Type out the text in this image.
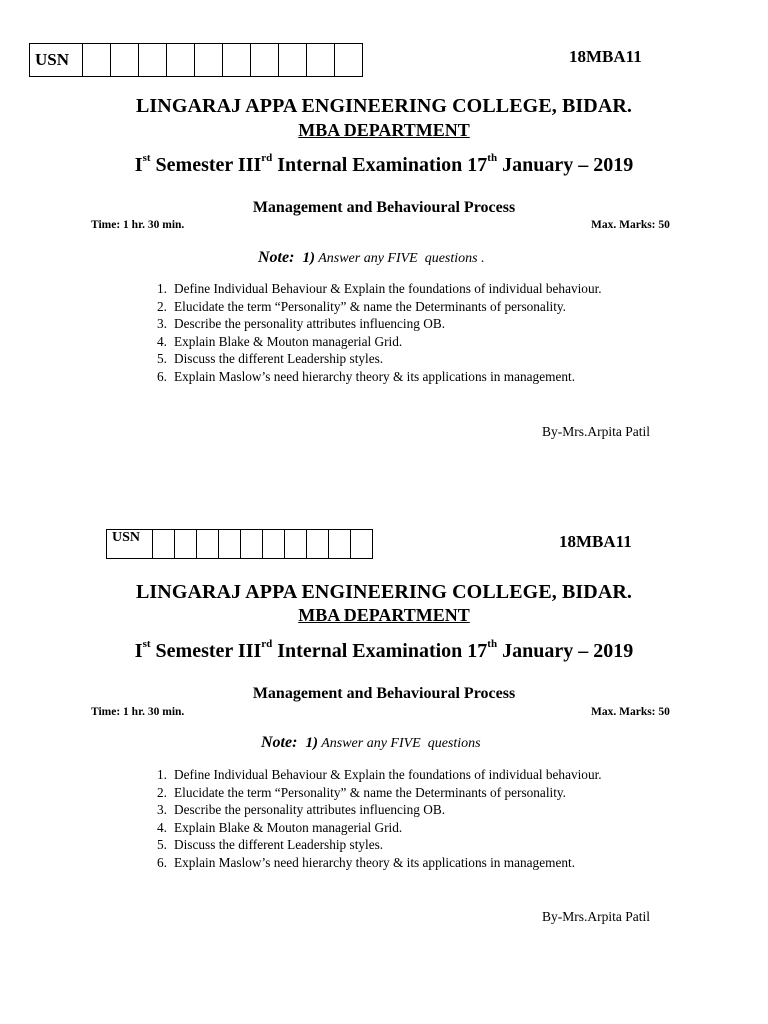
USN											18MBA11
LINGARAJ APPA ENGINEERING COLLEGE, BIDAR.
MBA DEPARTMENT
Ist Semester IIIrd Internal Examination 17th January – 2019
Management and Behavioural Process
Time: 1 hr. 30 min.	Max. Marks: 50
Note: 1) Answer any FIVE  questions .
1. Define Individual Behaviour & Explain the foundations of individual behaviour.
2. Elucidate the term “Personality” & name the Determinants of personality.
3. Describe the personality attributes influencing OB.
4. Explain Blake & Mouton managerial Grid.
5. Discuss the different Leadership styles.
6. Explain Maslow’s need hierarchy theory & its applications in management.
By-Mrs.Arpita Patil
USN											18MBA11
LINGARAJ APPA ENGINEERING COLLEGE, BIDAR.
MBA DEPARTMENT
Ist Semester IIIrd Internal Examination 17th January – 2019
Management and Behavioural Process
Time: 1 hr. 30 min.	Max. Marks: 50
Note: 1) Answer any FIVE  questions
1. Define Individual Behaviour & Explain the foundations of individual behaviour.
2. Elucidate the term “Personality” & name the Determinants of personality.
3. Describe the personality attributes influencing OB.
4. Explain Blake & Mouton managerial Grid.
5. Discuss the different Leadership styles.
6. Explain Maslow’s need hierarchy theory & its applications in management.
By-Mrs.Arpita Patil
